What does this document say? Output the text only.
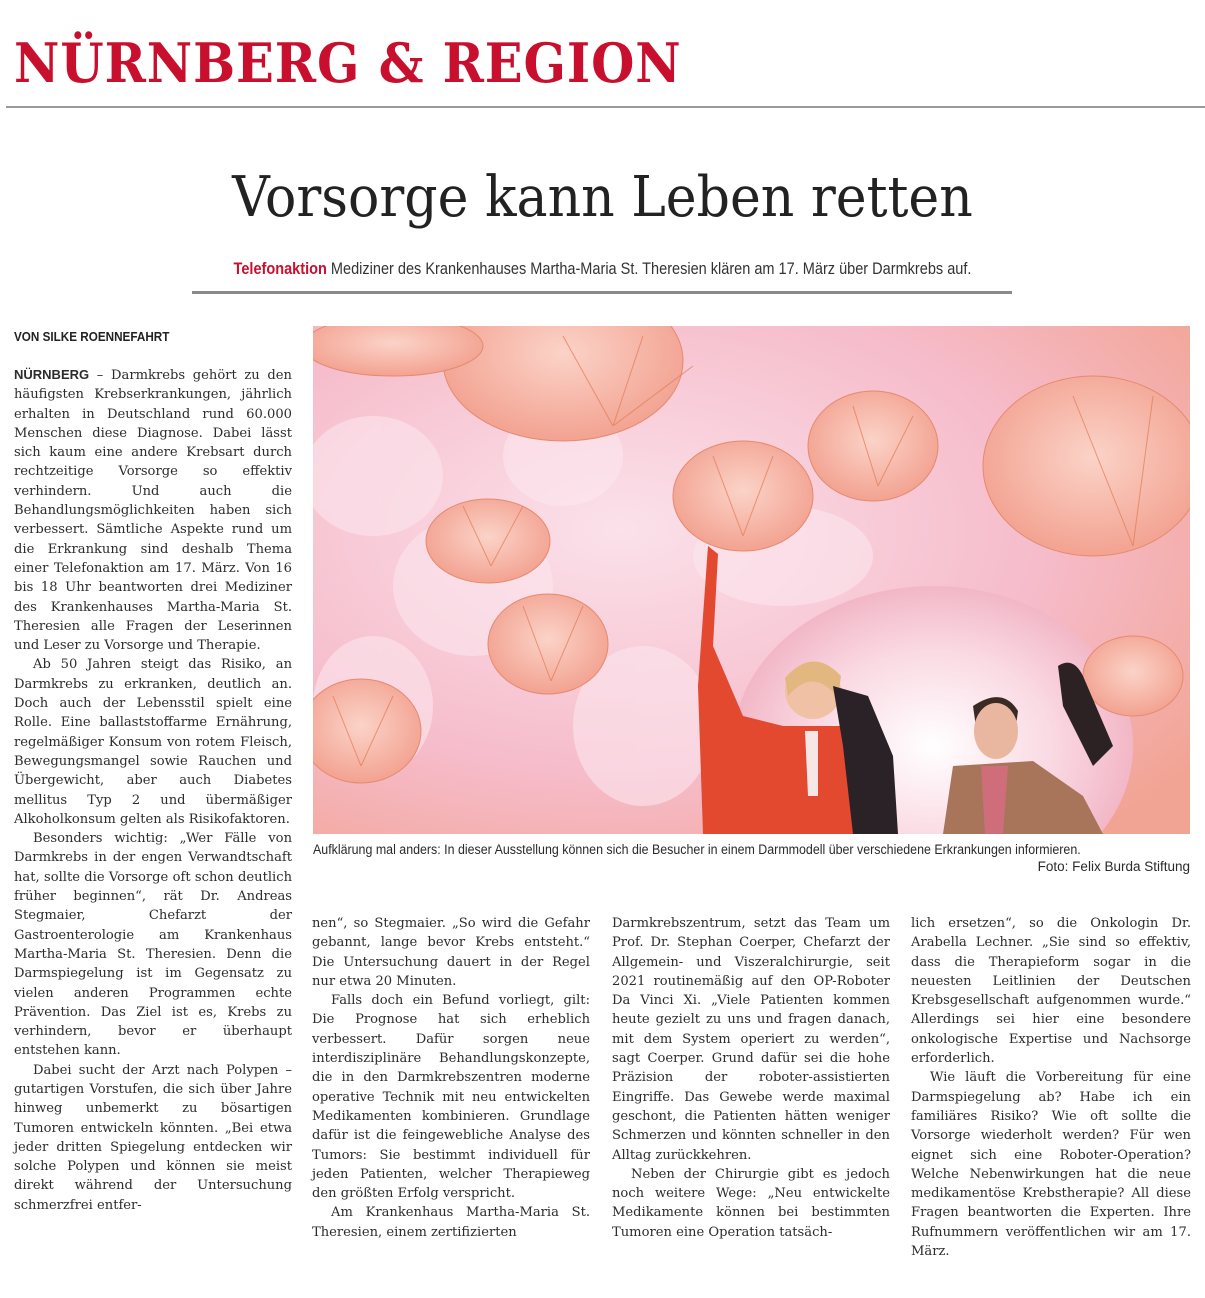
NÜRNBERG & REGION
Vorsorge kann Leben retten
Telefonaktion Mediziner des Krankenhauses Martha-Maria St. Theresien klären am 17. März über Darmkrebs auf.
VON SILKE ROENNEFAHRT

NÜRNBERG – Darmkrebs gehört zu den häufigsten Krebserkrankungen, jährlich erhalten in Deutschland rund 60.000 Menschen diese Diagnose. Dabei lässt sich kaum eine andere Krebsart durch rechtzeitige Vorsorge so effektiv verhindern. Und auch die Behandlungsmöglichkeiten haben sich verbessert. Sämtliche Aspekte rund um die Erkrankung sind deshalb Thema einer Telefonaktion am 17. März. Von 16 bis 18 Uhr beantworten drei Mediziner des Krankenhauses Martha-Maria St. Theresien alle Fragen der Leserinnen und Leser zu Vorsorge und Therapie.

Ab 50 Jahren steigt das Risiko, an Darmkrebs zu erkranken, deutlich an. Doch auch der Lebensstil spielt eine Rolle. Eine ballaststoffarme Ernährung, regelmäßiger Konsum von rotem Fleisch, Bewegungsmangel sowie Rauchen und Übergewicht, aber auch Diabetes mellitus Typ 2 und übermäßiger Alkoholkonsum gelten als Risikofaktoren.

Besonders wichtig: „Wer Fälle von Darmkrebs in der engen Verwandtschaft hat, sollte die Vorsorge oft schon deutlich früher beginnen“, rät Dr. Andreas Stegmaier, Chefarzt der Gastroenterologie am Krankenhaus Martha-Maria St. Theresien. Denn die Darmspiegelung ist im Gegensatz zu vielen anderen Programmen echte Prävention. Das Ziel ist es, Krebs zu verhindern, bevor er überhaupt entstehen kann.

Dabei sucht der Arzt nach Polypen – gutartigen Vorstufen, die sich über Jahre hinweg unbemerkt zu bösartigen Tumoren entwickeln könnten. „Bei etwa jeder dritten Spiegelung entdecken wir solche Polypen und können sie meist direkt während der Untersuchung schmerzfrei entfer-

Aufklärung mal anders: In dieser Ausstellung können sich die Besucher in einem Darmmodell über verschiedene Erkrankungen informieren.
Foto: Felix Burda Stiftung

nen“, so Stegmaier. „So wird die Gefahr gebannt, lange bevor Krebs entsteht.“ Die Untersuchung dauert in der Regel nur etwa 20 Minuten.

Falls doch ein Befund vorliegt, gilt: Die Prognose hat sich erheblich verbessert. Dafür sorgen neue interdisziplinäre Behandlungskonzepte, die in den Darmkrebszentren moderne operative Technik mit neu entwickelten Medikamenten kombinieren. Grundlage dafür ist die feingewebliche Analyse des Tumors: Sie bestimmt individuell für jeden Patienten, welcher Therapieweg den größten Erfolg verspricht.

Am Krankenhaus Martha-Maria St. Theresien, einem zertifizierten

Darmkrebszentrum, setzt das Team um Prof. Dr. Stephan Coerper, Chefarzt der Allgemein- und Viszeralchirurgie, seit 2021 routinemäßig auf den OP-Roboter Da Vinci Xi. „Viele Patienten kommen heute gezielt zu uns und fragen danach, mit dem System operiert zu werden“, sagt Coerper. Grund dafür sei die hohe Präzision der roboter-assistierten Eingriffe. Das Gewebe werde maximal geschont, die Patienten hätten weniger Schmerzen und könnten schneller in den Alltag zurückkehren.

Neben der Chirurgie gibt es jedoch noch weitere Wege: „Neu entwickelte Medikamente können bei bestimmten Tumoren eine Operation tatsäch-

lich ersetzen“, so die Onkologin Dr. Arabella Lechner. „Sie sind so effektiv, dass die Therapieform sogar in die neuesten Leitlinien der Deutschen Krebsgesellschaft aufgenommen wurde.“ Allerdings sei hier eine besondere onkologische Expertise und Nachsorge erforderlich.

Wie läuft die Vorbereitung für eine Darmspiegelung ab? Habe ich ein familiäres Risiko? Wie oft sollte die Vorsorge wiederholt werden? Für wen eignet sich eine Roboter-Operation? Welche Nebenwirkungen hat die neue medikamentöse Krebstherapie? All diese Fragen beantworten die Experten. Ihre Rufnummern veröffentlichen wir am 17. März.
